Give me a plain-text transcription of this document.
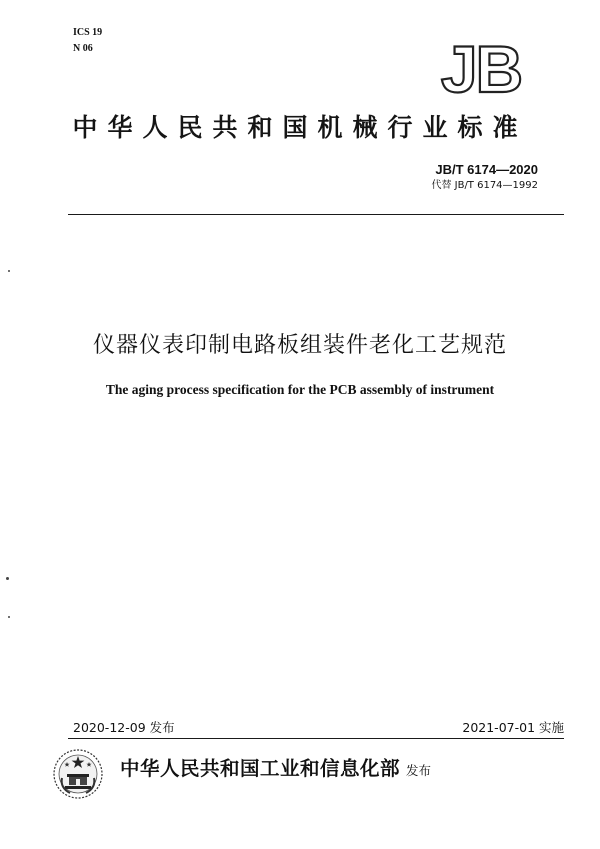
ICS 19
N 06	JB
中华人民共和国机械行业标准
JB/T 6174—2020
代替 JB/T 6174—1992
仪器仪表印制电路板组装件老化工艺规范
The aging process specification for the PCB assembly of instrument
2020-12-09 发布	2021-07-01 实施
中华人民共和国工业和信息化部 发布
